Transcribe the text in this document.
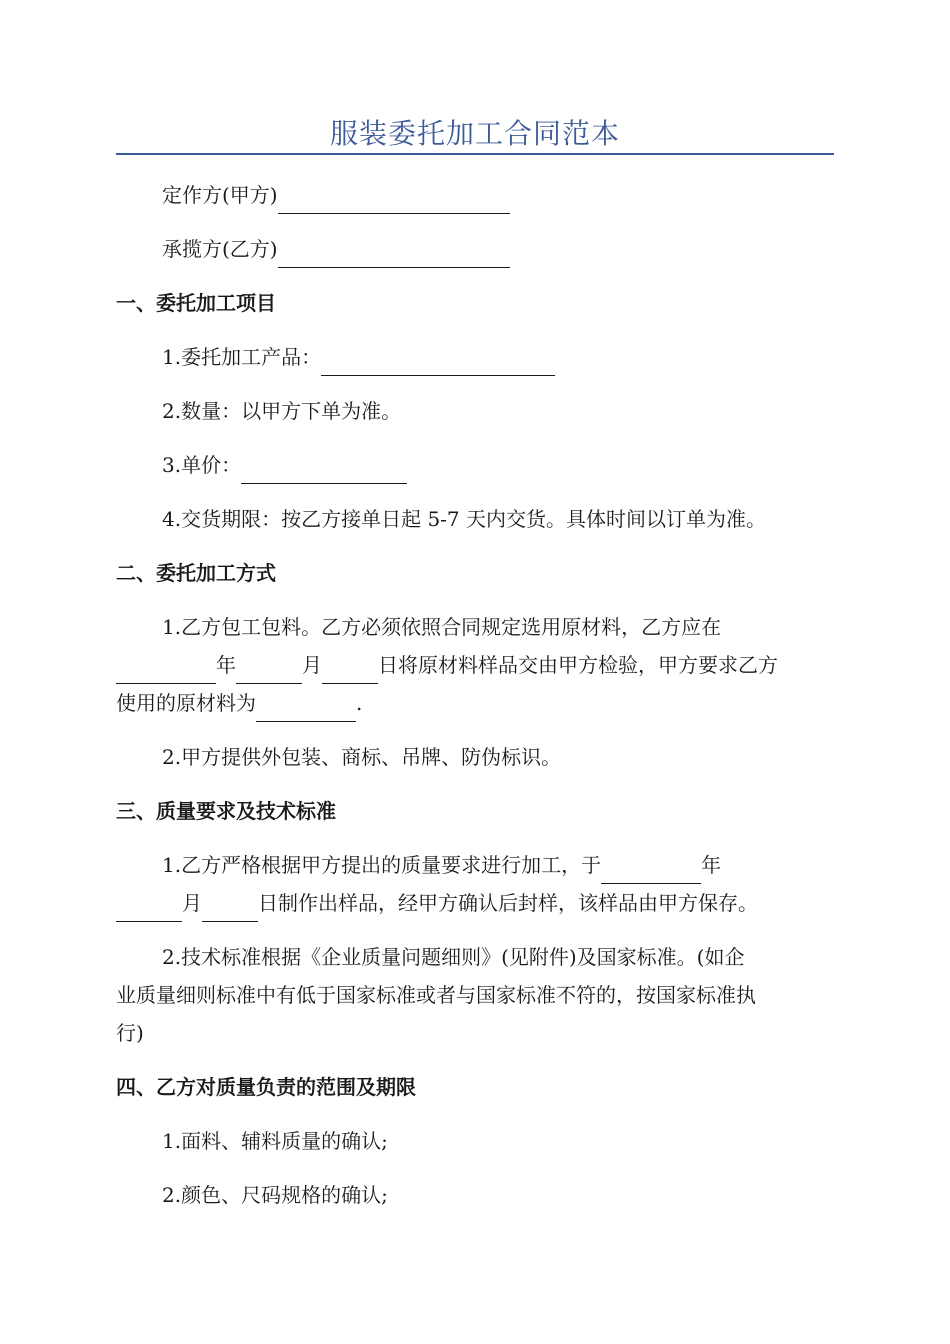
服装委托加工合同范本
定作方(甲方)
承揽方(乙方)
一、委托加工项目
1.委托加工产品：
2.数量：以甲方下单为准。
3.单价：
4.交货期限：按乙方接单日起 5-7 天内交货。具体时间以订单为准。
二、委托加工方式
1.乙方包工包料。乙方必须依照合同规定选用原材料，乙方应在
年	月	日将原材料样品交由甲方检验，甲方要求乙方
使用的原材料为	.
2.甲方提供外包装、商标、吊牌、防伪标识。
三、质量要求及技术标准
1.乙方严格根据甲方提出的质量要求进行加工，于	年
月	日制作出样品，经甲方确认后封样，该样品由甲方保存。
2.技术标准根据《企业质量问题细则》(见附件)及国家标准。(如企
业质量细则标准中有低于国家标准或者与国家标准不符的，按国家标准执
行)
四、乙方对质量负责的范围及期限
1.面料、辅料质量的确认;
2.颜色、尺码规格的确认;
